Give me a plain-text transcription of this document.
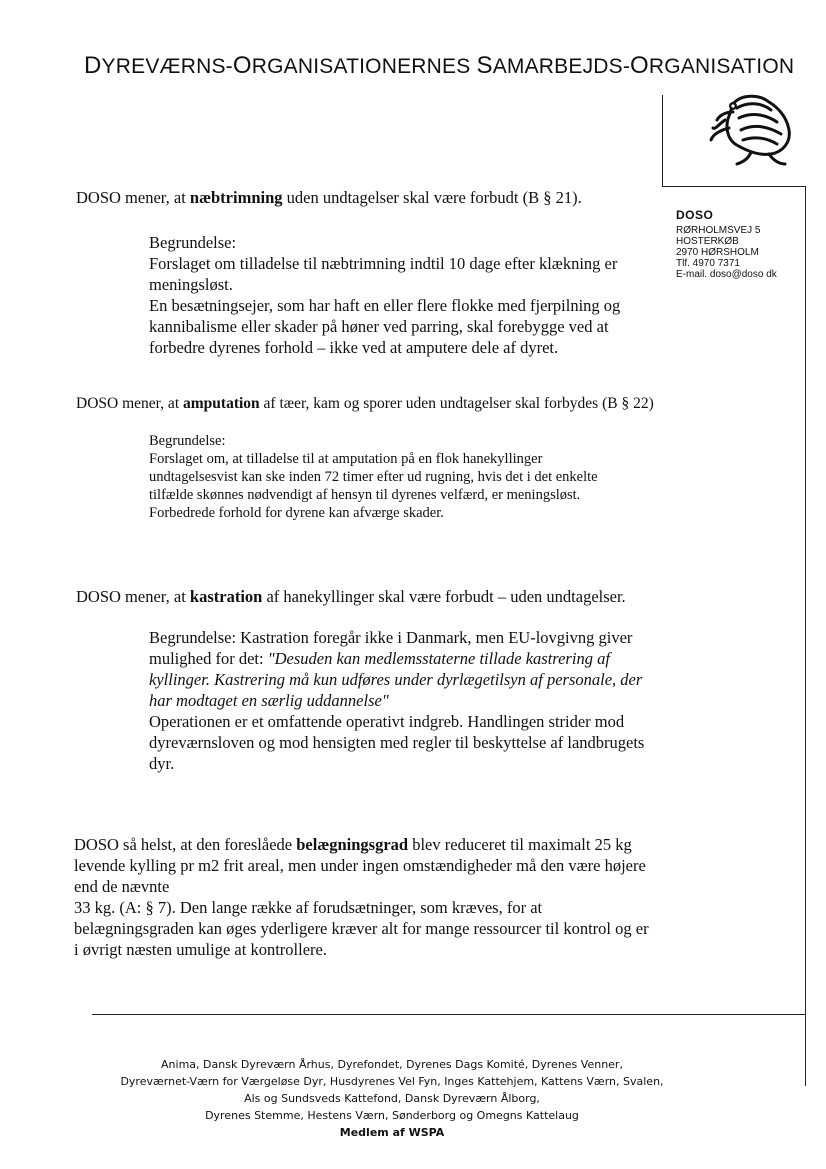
DYREVÆRNS-ORGANISATIONERNES SAMARBEJDS-ORGANISATION
DOSO
RØRHOLMSVEJ 5
HOSTERKØB
2970 HØRSHOLM
Tlf. 4970 7371
E-mail. doso@doso dk
DOSO mener, at næbtrimning uden undtagelser skal være forbudt (B § 21).
Begrundelse:
Forslaget om tilladelse til næbtrimning indtil 10 dage efter klækning er
meningsløst.
En besætningsejer, som har haft en eller flere flokke med fjerpilning og
kannibalisme eller skader på høner ved parring, skal forebygge ved at
forbedre dyrenes forhold – ikke ved at amputere dele af dyret.
DOSO mener, at amputation af tæer, kam og sporer uden undtagelser skal forbydes (B § 22)
Begrundelse:
Forslaget om, at tilladelse til at amputation på en flok hanekyllinger
undtagelsesvist kan ske inden 72 timer efter ud rugning, hvis det i det enkelte
tilfælde skønnes nødvendigt af hensyn til dyrenes velfærd, er meningsløst.
Forbedrede forhold for dyrene kan afværge skader.
DOSO mener, at kastration af hanekyllinger skal være forbudt – uden undtagelser.
Begrundelse: Kastration foregår ikke i Danmark, men EU-lovgivng giver
mulighed for det: "Desuden kan medlemsstaterne tillade kastrering af
kyllinger. Kastrering må kun udføres under dyrlægetilsyn af personale, der
har modtaget en særlig uddannelse"
Operationen er et omfattende operativt indgreb. Handlingen strider mod
dyreværnsloven og mod hensigten med regler til beskyttelse af landbrugets
dyr.
DOSO så helst, at den foreslåede belægningsgrad blev reduceret til maximalt 25 kg
levende kylling pr m2 frit areal, men under ingen omstændigheder må den være højere
end de nævnte
33 kg. (A: § 7). Den lange række af forudsætninger, som kræves, for at
belægningsgraden kan øges yderligere kræver alt for mange ressourcer til kontrol og er
i øvrigt næsten umulige at kontrollere.
Anima, Dansk Dyreværn Århus, Dyrefondet, Dyrenes Dags Komité, Dyrenes Venner,
Dyreværnet-Værn for Værgeløse Dyr, Husdyrenes Vel Fyn, Inges Kattehjem, Kattens Værn, Svalen,
Als og Sundsveds Kattefond, Dansk Dyreværn Ålborg,
Dyrenes Stemme, Hestens Værn, Sønderborg og Omegns Kattelaug
Medlem af WSPA
